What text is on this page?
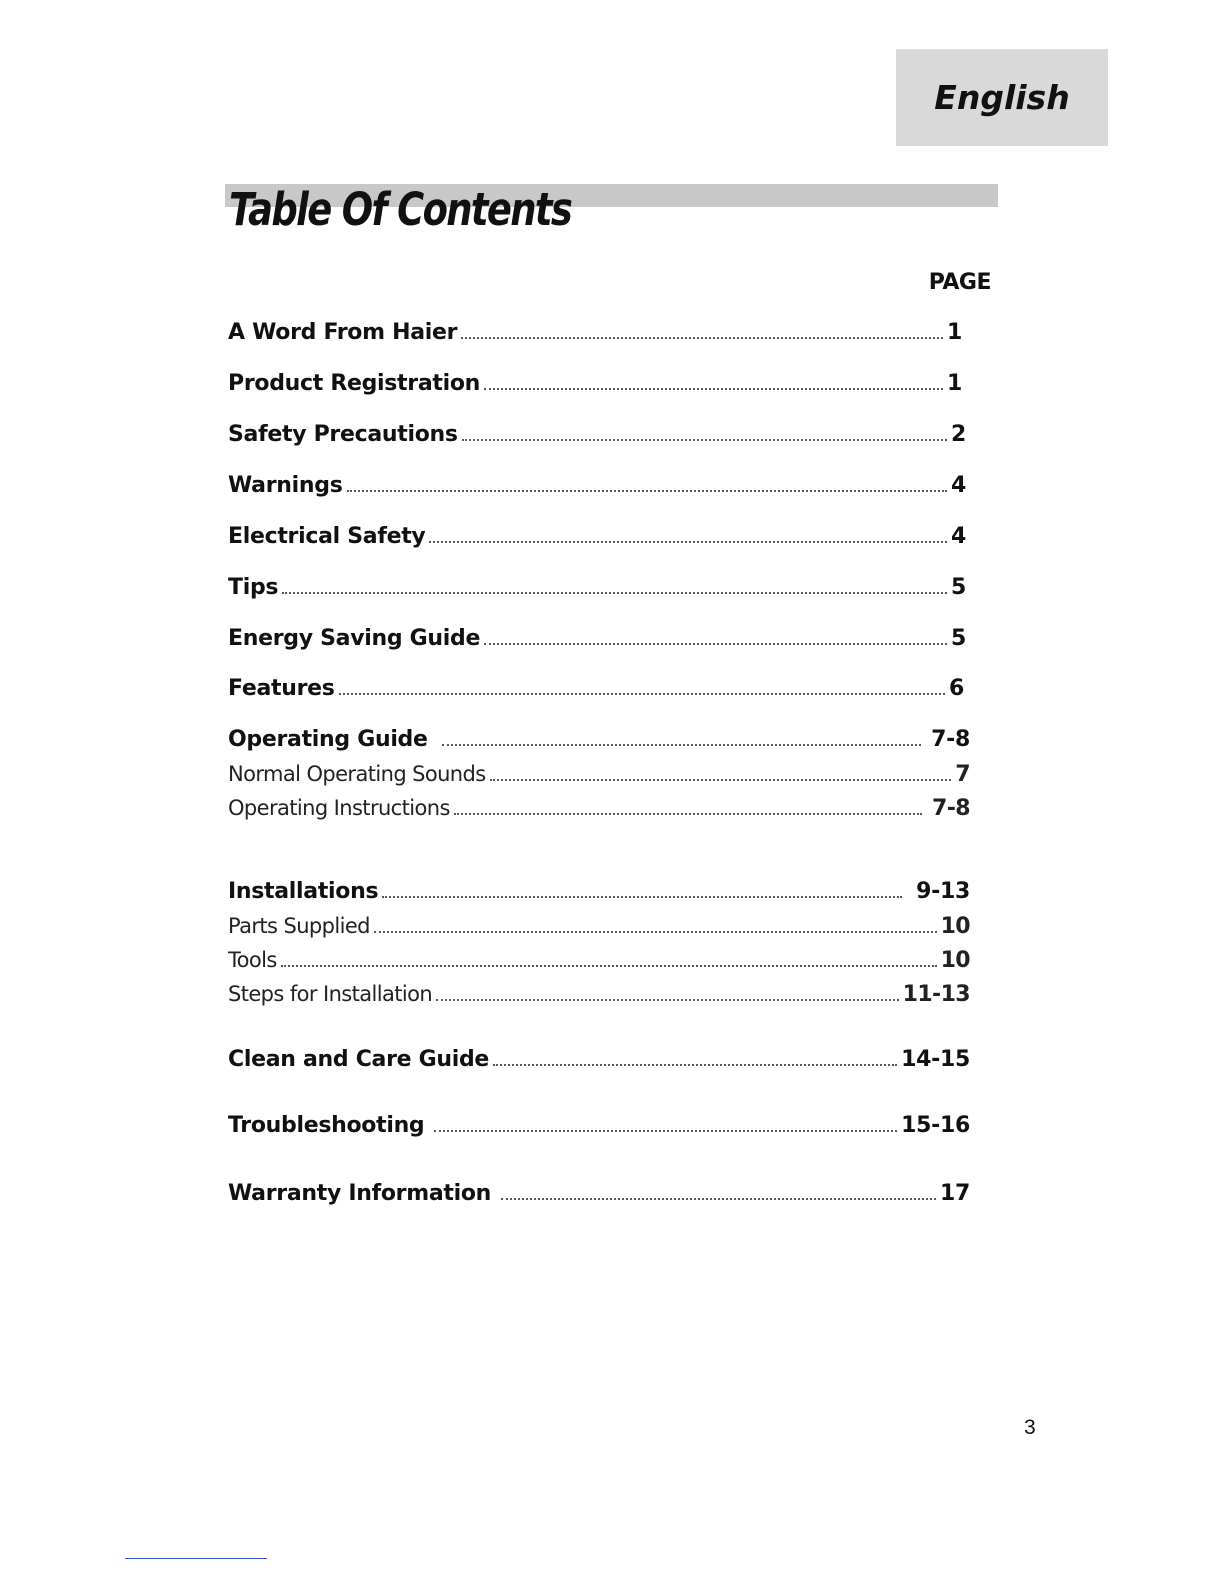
English
Table Of Contents
PAGE
A Word From Haier	1
Product Registration	1
Safety Precautions	2
Warnings	4
Electrical Safety	4
Tips	5
Energy Saving Guide	5
Features	6
Operating Guide	7-8
Normal Operating Sounds	7
Operating Instructions	7-8
Installations	9-13
Parts Supplied	10
Tools	10
Steps for Installation	11-13
Clean and Care Guide	14-15
Troubleshooting	15-16
Warranty Information	17
3
